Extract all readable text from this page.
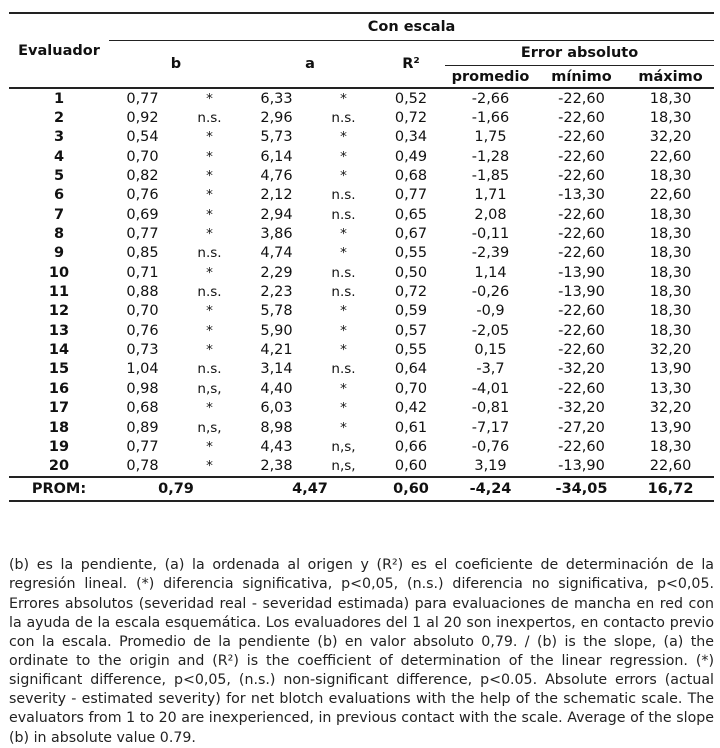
Evaluador	Con escala							
	b		a		R²	Error absoluto		
						promedio	mínimo	máximo
1	0,77	*	6,33	*	0,52	-2,66	-22,60	18,30
2	0,92	n.s.	2,96	n.s.	0,72	-1,66	-22,60	18,30
3	0,54	*	5,73	*	0,34	1,75	-22,60	32,20
4	0,70	*	6,14	*	0,49	-1,28	-22,60	22,60
5	0,82	*	4,76	*	0,68	-1,85	-22,60	18,30
6	0,76	*	2,12	n.s.	0,77	1,71	-13,30	22,60
7	0,69	*	2,94	n.s.	0,65	2,08	-22,60	18,30
8	0,77	*	3,86	*	0,67	-0,11	-22,60	18,30
9	0,85	n.s.	4,74	*	0,55	-2,39	-22,60	18,30
10	0,71	*	2,29	n.s.	0,50	1,14	-13,90	18,30
11	0,88	n.s.	2,23	n.s.	0,72	-0,26	-13,90	18,30
12	0,70	*	5,78	*	0,59	-0,9	-22,60	18,30
13	0,76	*	5,90	*	0,57	-2,05	-22,60	18,30
14	0,73	*	4,21	*	0,55	0,15	-22,60	32,20
15	1,04	n.s.	3,14	n.s.	0,64	-3,7	-32,20	13,90
16	0,98	n,s,	4,40	*	0,70	-4,01	-22,60	13,30
17	0,68	*	6,03	*	0,42	-0,81	-32,20	32,20
18	0,89	n,s,	8,98	*	0,61	-7,17	-27,20	13,90
19	0,77	*	4,43	n,s,	0,66	-0,76	-22,60	18,30
20	0,78	*	2,38	n,s,	0,60	3,19	-13,90	22,60
PROM:	0,79		4,47		0,60	-4,24	-34,05	16,72

(b) es la pendiente, (a) la ordenada al origen y (R²) es el coeficiente de determinación de la regresión lineal. (*) diferencia significativa, p<0,05, (n.s.) diferencia no significativa, p<0,05. Errores absolutos (severidad real - severidad estimada) para evaluaciones de mancha en red con la ayuda de la escala esquemática. Los evaluadores del 1 al 20 son inexpertos, en contacto previo con la escala. Promedio de la pendiente (b) en valor absoluto 0,79. / (b) is the slope, (a) the ordinate to the origin and (R²) is the coefficient of determination of the linear regression. (*) significant difference, p<0,05, (n.s.) non-significant difference, p<0.05. Absolute errors (actual severity - estimated severity) for net blotch evaluations with the help of the schematic scale. The evaluators from 1 to 20 are inexperienced, in previous contact with the scale. Average of the slope (b) in absolute value 0.79.
